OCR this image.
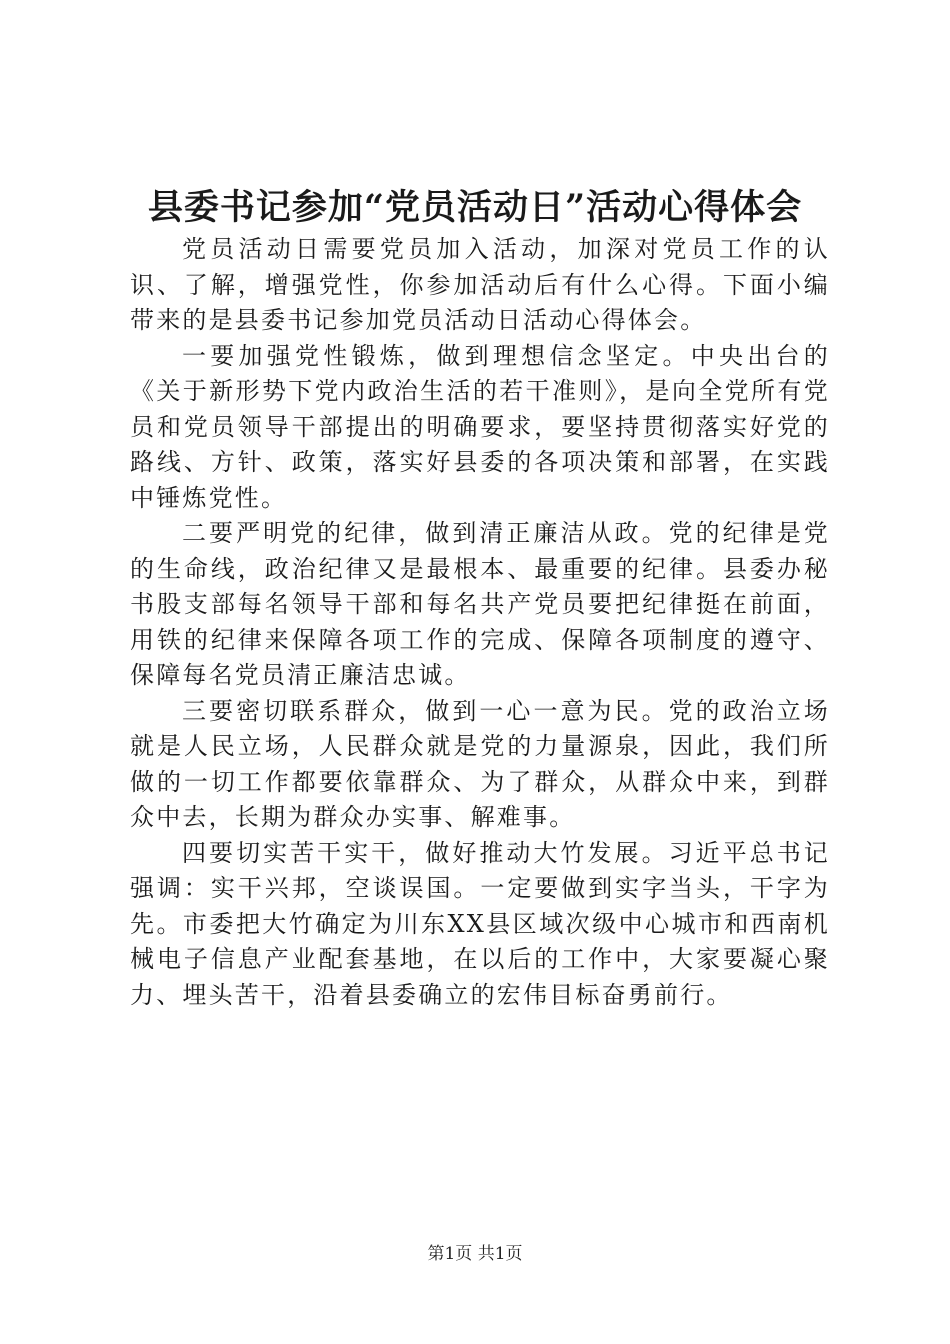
县委书记参加“党员活动日”活动心得体会

党员活动日需要党员加入活动，加深对党员工作的认识、了解，增强党性，你参加活动后有什么心得。下面小编带来的是县委书记参加党员活动日活动心得体会。

一要加强党性锻炼，做到理想信念坚定。中央出台的《关于新形势下党内政治生活的若干准则》，是向全党所有党员和党员领导干部提出的明确要求，要坚持贯彻落实好党的路线、方针、政策，落实好县委的各项决策和部署，在实践中锤炼党性。

二要严明党的纪律，做到清正廉洁从政。党的纪律是党的生命线，政治纪律又是最根本、最重要的纪律。县委办秘书股支部每名领导干部和每名共产党员要把纪律挺在前面，用铁的纪律来保障各项工作的完成、保障各项制度的遵守、保障每名党员清正廉洁忠诚。

三要密切联系群众，做到一心一意为民。党的政治立场就是人民立场，人民群众就是党的力量源泉，因此，我们所做的一切工作都要依靠群众、为了群众，从群众中来，到群众中去，长期为群众办实事、解难事。

四要切实苦干实干，做好推动大竹发展。习近平总书记强调：实干兴邦，空谈误国。一定要做到实字当头，干字为先。市委把大竹确定为川东XX县区域次级中心城市和西南机械电子信息产业配套基地，在以后的工作中，大家要凝心聚力、埋头苦干，沿着县委确立的宏伟目标奋勇前行。

第1页 共1页
